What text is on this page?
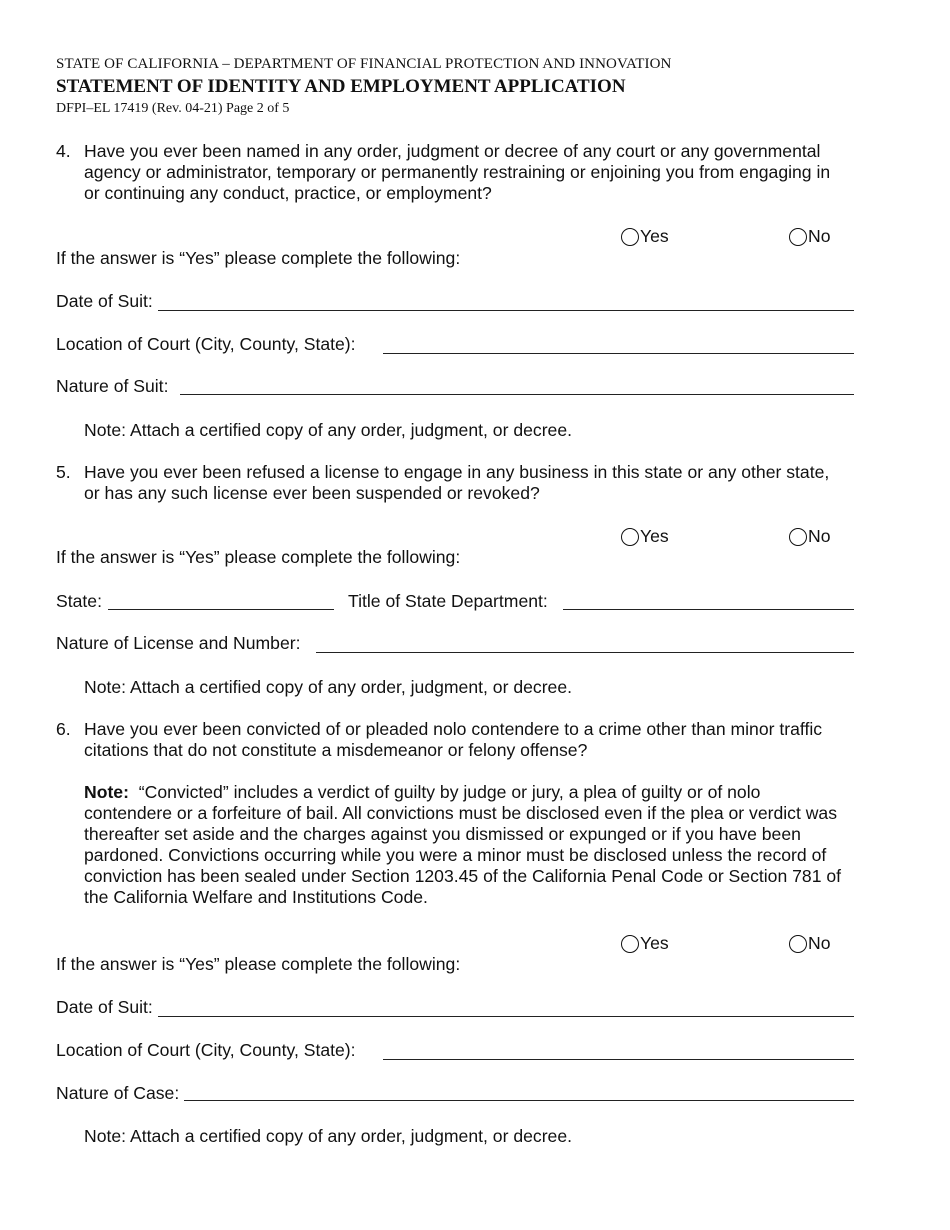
STATE OF CALIFORNIA – DEPARTMENT OF FINANCIAL PROTECTION AND INNOVATION
STATEMENT OF IDENTITY AND EMPLOYMENT APPLICATION
DFPI–EL 17419 (Rev. 04-21) Page 2 of 5
4. Have you ever been named in any order, judgment or decree of any court or any governmental
agency or administrator, temporary or permanently restraining or enjoining you from engaging in
or continuing any conduct, practice, or employment?
Yes	No
If the answer is “Yes” please complete the following:
Date of Suit:
Location of Court (City, County, State):
Nature of Suit:
Note: Attach a certified copy of any order, judgment, or decree.
5. Have you ever been refused a license to engage in any business in this state or any other state,
or has any such license ever been suspended or revoked?
Yes	No
If the answer is “Yes” please complete the following:
State:	Title of State Department:
Nature of License and Number:
Note: Attach a certified copy of any order, judgment, or decree.
6. Have you ever been convicted of or pleaded nolo contendere to a crime other than minor traffic
citations that do not constitute a misdemeanor or felony offense?
Note: “Convicted” includes a verdict of guilty by judge or jury, a plea of guilty or of nolo
contendere or a forfeiture of bail. All convictions must be disclosed even if the plea or verdict was
thereafter set aside and the charges against you dismissed or expunged or if you have been
pardoned. Convictions occurring while you were a minor must be disclosed unless the record of
conviction has been sealed under Section 1203.45 of the California Penal Code or Section 781 of
the California Welfare and Institutions Code.
Yes	No
If the answer is “Yes” please complete the following:
Date of Suit:
Location of Court (City, County, State):
Nature of Case:
Note: Attach a certified copy of any order, judgment, or decree.
